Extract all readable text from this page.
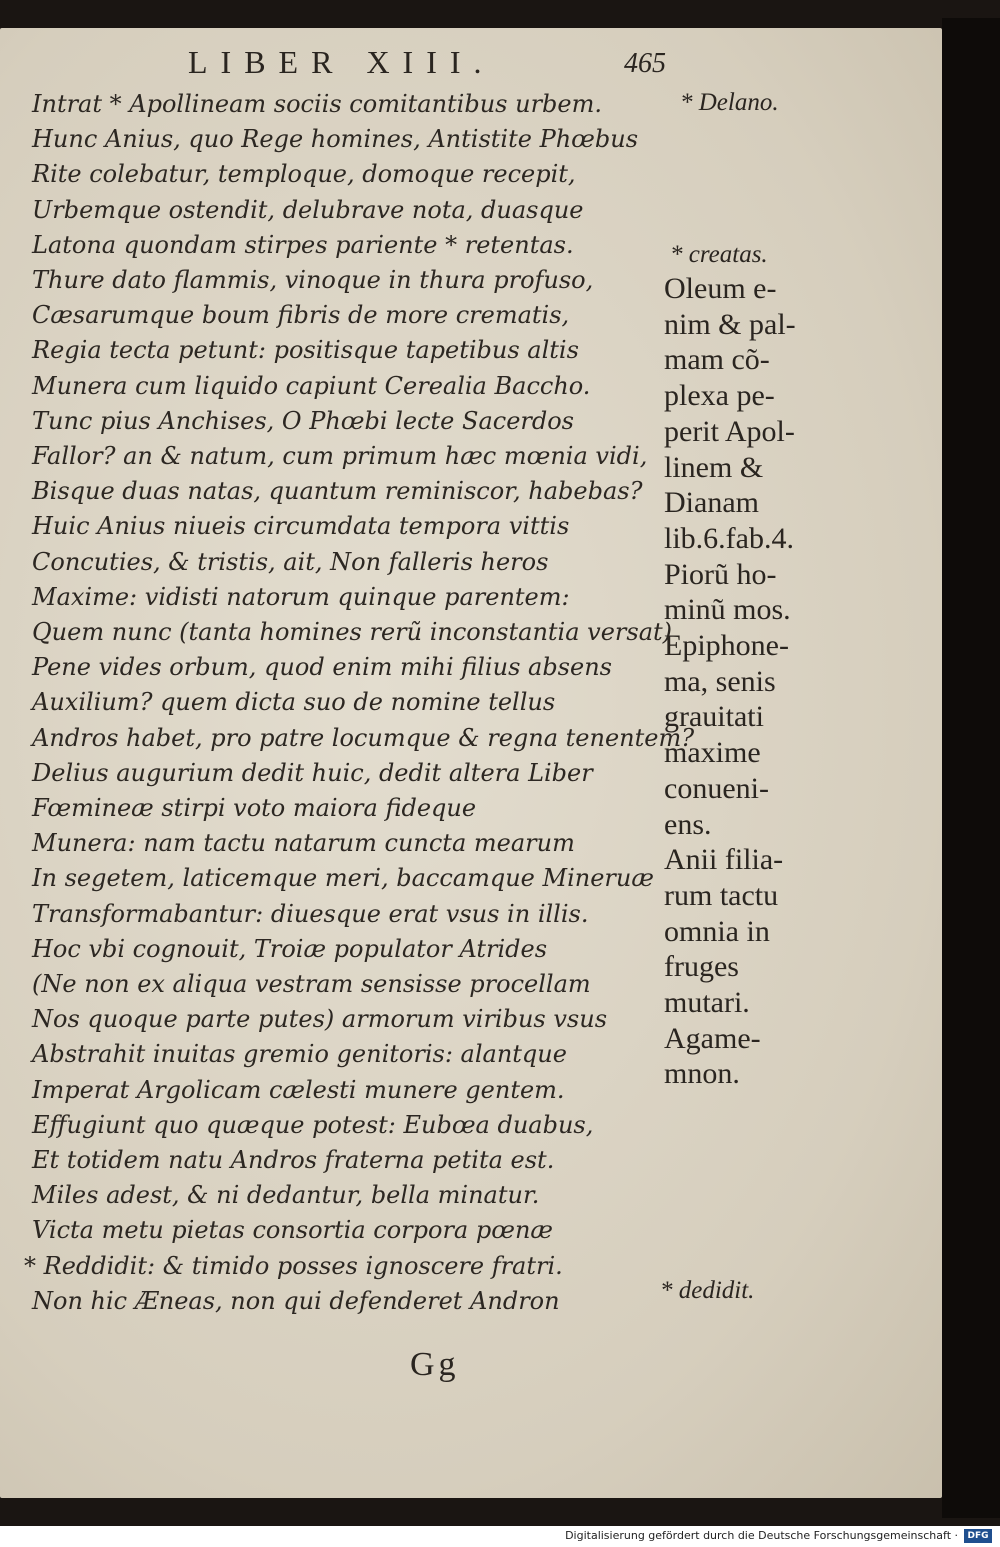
LIBER XIII.	465
Intrat * Apollineam sociis comitantibus urbem.
Hunc Anius, quo Rege homines, Antistite Phœbus
Rite colebatur, temploque, domoque recepit,
Urbemque ostendit, delubrave nota, duasque
Latona quondam stirpes pariente * retentas.
Thure dato flammis, vinoque in thura profuso,
Cæsarumque boum fibris de more crematis,
Regia tecta petunt: positisque tapetibus altis
Munera cum liquido capiunt Cerealia Baccho.
Tunc pius Anchises, O Phœbi lecte Sacerdos
Fallor? an & natum, cum primum hæc mœnia vidi,
Bisque duas natas, quantum reminiscor, habebas?
Huic Anius niueis circumdata tempora vittis
Concuties, & tristis, ait, Non falleris heros
Maxime: vidisti natorum quinque parentem:
Quem nunc (tanta homines rerũ inconstantia versat)
Pene vides orbum, quod enim mihi filius absens
Auxilium? quem dicta suo de nomine tellus
Andros habet, pro patre locumque & regna tenentem?
Delius augurium dedit huic, dedit altera Liber
Fœmineæ stirpi voto maiora fideque
Munera: nam tactu natarum cuncta mearum
In segetem, laticemque meri, baccamque Mineruæ
Transformabantur: diuesque erat vsus in illis.
Hoc vbi cognouit, Troiæ populator Atrides
(Ne non ex aliqua vestram sensisse procellam
Nos quoque parte putes) armorum viribus vsus
Abstrahit inuitas gremio genitoris: alantque
Imperat Argolicam cælesti munere gentem.
Effugiunt quo quæque potest: Eubœa duabus,
Et totidem natu Andros fraterna petita est.
Miles adest, & ni dedantur, bella minatur.
Victa metu pietas consortia corpora pœnæ
* Reddidit: & timido posses ignoscere fratri.
Non hic Æneas, non qui defenderet Andron
* Delano.
* creatas.
Oleum e-
nim & pal-
mam cõ-
plexa pe-
perit Apol-
linem &
Dianam
lib.6.fab.4.
Piorũ ho-
minũ mos.
Epiphone-
ma, senis
grauitati
maxime
conueni-
ens.
Anii filia-
rum tactu
omnia in
fruges
mutari.
Agame-
mnon.
* dedidit.
Gg
Digitalisierung gefördert durch die Deutsche Forschungsgemeinschaft ·	DFG
